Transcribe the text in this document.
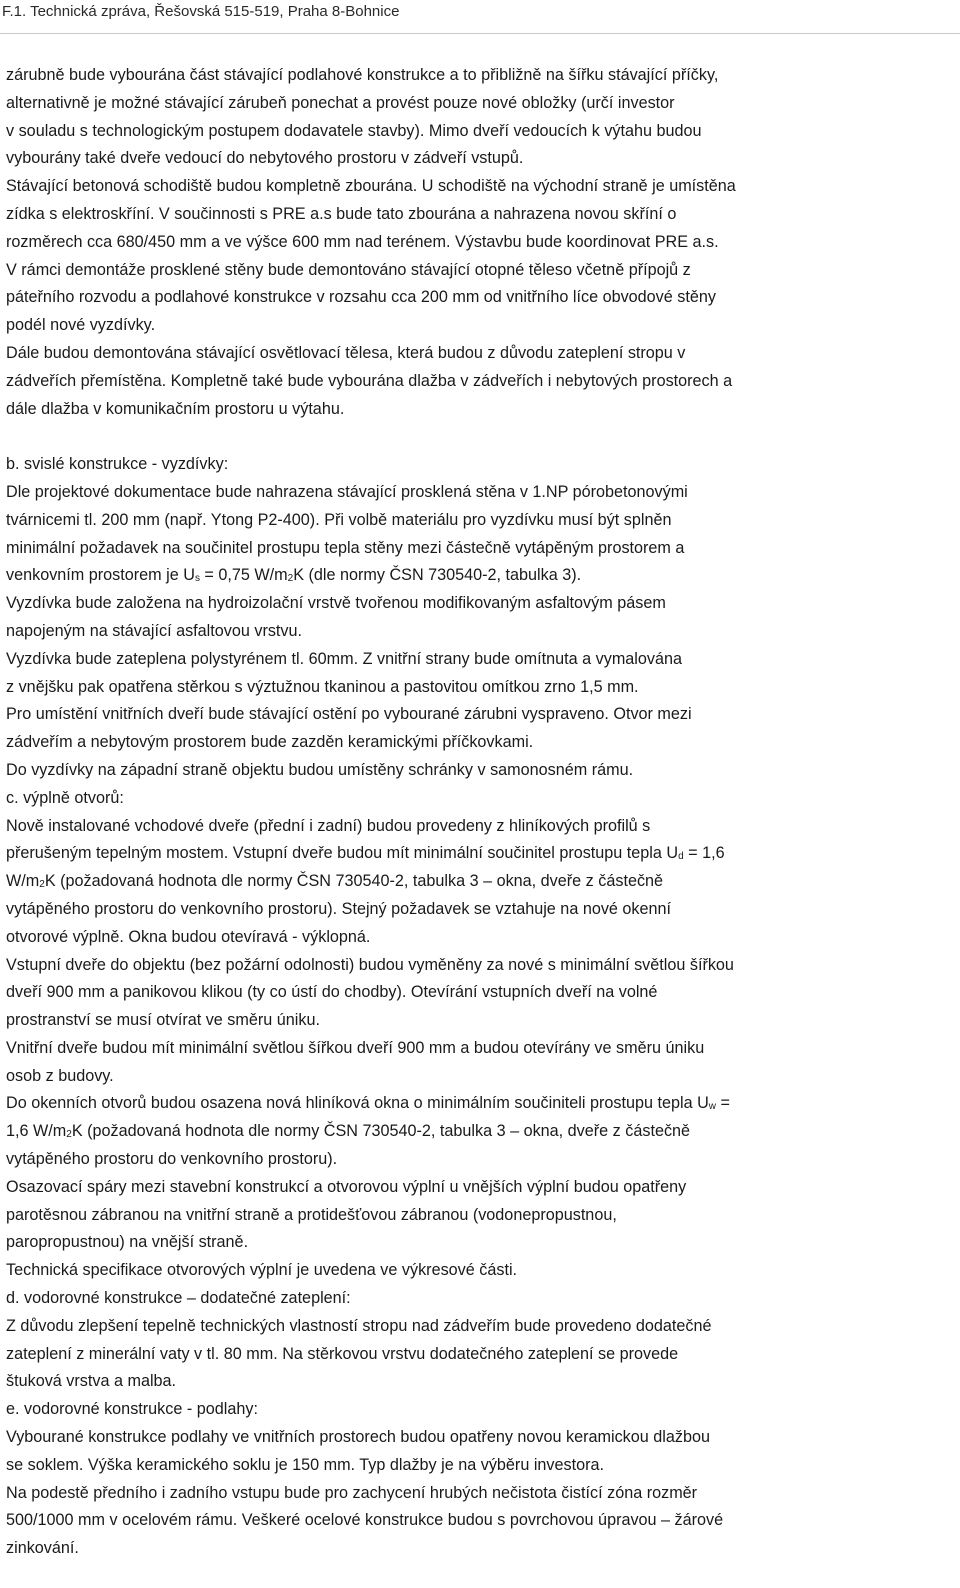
F.1. Technická zpráva, Řešovská 515-519, Praha 8-Bohnice
zárubně bude vybourána část stávající podlahové konstrukce a to přibližně na šířku stávající příčky,
alternativně je možné stávající zárubeň ponechat a provést pouze nové obložky (určí investor
v souladu s technologickým postupem dodavatele stavby). Mimo dveří vedoucích k výtahu budou
vybourány také dveře vedoucí do nebytového prostoru v zádveří vstupů.
Stávající betonová schodiště budou kompletně zbourána. U schodiště na východní straně je umístěna
zídka s elektroskříní. V součinnosti s PRE a.s bude tato zbourána a nahrazena novou skříní o
rozměrech cca 680/450 mm a ve výšce 600 mm nad terénem. Výstavbu bude koordinovat PRE a.s.
V rámci demontáže prosklené stěny bude demontováno stávající otopné těleso včetně přípojů z
páteřního rozvodu a podlahové konstrukce v rozsahu cca 200 mm od vnitřního líce obvodové stěny
podél nové vyzdívky.
Dále budou demontována stávající osvětlovací tělesa, která budou z důvodu zateplení stropu v
zádveřích přemístěna. Kompletně také bude vybourána dlažba v zádveřích i nebytových prostorech a
dále dlažba v komunikačním prostoru u výtahu.
b. svislé konstrukce - vyzdívky:
Dle projektové dokumentace bude nahrazena stávající prosklená stěna v 1.NP pórobetonovými
tvárnicemi tl. 200 mm (např. Ytong P2-400). Při volbě materiálu pro vyzdívku musí být splněn
minimální požadavek na součinitel prostupu tepla stěny mezi částečně vytápěným prostorem a
venkovním prostorem je $U_s = 0,75$ $W/m_2K$ (dle normy ČSN 730540-2, tabulka 3).
Vyzdívka bude založena na hydroizolační vrstvě tvořenou modifikovaným asfaltovým pásem
napojeným na stávající asfaltovou vrstvu.
Vyzdívka bude zateplena polystyrénem tl. 60mm. Z vnitřní strany bude omítnuta a vymalována
z vnějšku pak opatřena stěrkou s výztužnou tkaninou a pastovitou omítkou zrno 1,5 mm.
Pro umístění vnitřních dveří bude stávající ostění po vybourané zárubni vyspraveno. Otvor mezi
zádveřím a nebytovým prostorem bude zazděn keramickými příčkovkami.
Do vyzdívky na západní straně objektu budou umístěny schránky v samonosném rámu.
c. výplně otvorů:
Nově instalované vchodové dveře (přední i zadní) budou provedeny z hliníkových profilů s
přerušeným tepelným mostem. Vstupní dveře budou mít minimální součinitel prostupu tepla $U_d = 1,6$
$W/m_2K$ (požadovaná hodnota dle normy ČSN 730540-2, tabulka 3 – okna, dveře z částečně
vytápěného prostoru do venkovního prostoru). Stejný požadavek se vztahuje na nové okenní
otvorové výplně. Okna budou otevíravá - výklopná.
Vstupní dveře do objektu (bez požární odolnosti) budou vyměněny za nové s minimální světlou šířkou
dveří 900 mm a panikovou klikou (ty co ústí do chodby). Otevírání vstupních dveří na volné
prostranství se musí otvírat ve směru úniku.
Vnitřní dveře budou mít minimální světlou šířkou dveří 900 mm a budou otevírány ve směru úniku
osob z budovy.
Do okenních otvorů budou osazena nová hliníková okna o minimálním součiniteli prostupu tepla $U_w$ =
1,6 $W/m_2K$ (požadovaná hodnota dle normy ČSN 730540-2, tabulka 3 – okna, dveře z částečně
vytápěného prostoru do venkovního prostoru).
Osazovací spáry mezi stavební konstrukcí a otvorovou výplní u vnějších výplní budou opatřeny
parotěsnou zábranou na vnitřní straně a protidešťovou zábranou (vodonepropustnou,
paropropustnou) na vnější straně.
Technická specifikace otvorových výplní je uvedena ve výkresové části.
d. vodorovné konstrukce – dodatečné zateplení:
Z důvodu zlepšení tepelně technických vlastností stropu nad zádveřím bude provedeno dodatečné
zateplení z minerální vaty v tl. 80 mm. Na stěrkovou vrstvu dodatečného zateplení se provede
štuková vrstva a malba.
e. vodorovné konstrukce - podlahy:
Vybourané konstrukce podlahy ve vnitřních prostorech budou opatřeny novou keramickou dlažbou
se soklem. Výška keramického soklu je 150 mm. Typ dlažby je na výběru investora.
Na podestě předního i zadního vstupu bude pro zachycení hrubých nečistota čistící zóna rozměr
500/1000 mm v ocelovém rámu. Veškeré ocelové konstrukce budou s povrchovou úpravou – žárové
zinkování.
